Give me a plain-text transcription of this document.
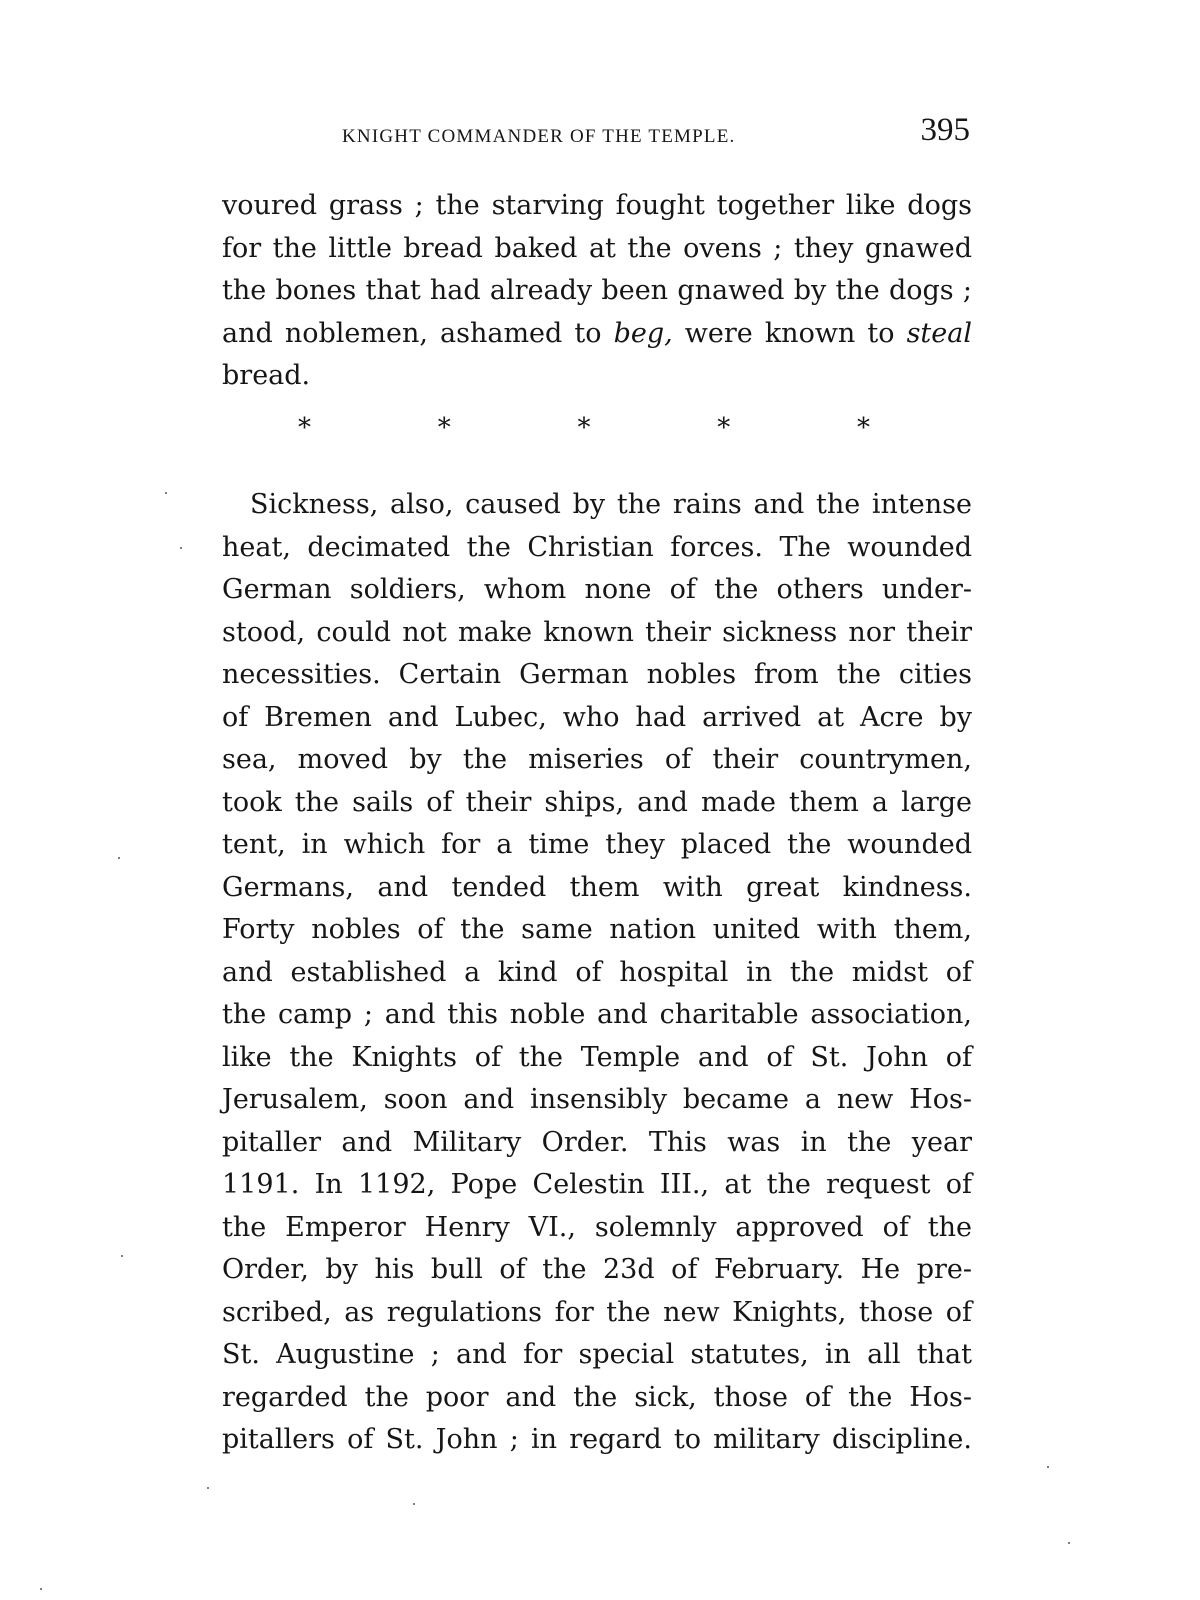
KNIGHT COMMANDER OF THE TEMPLE.	395
voured grass ; the starving fought together like dogs
for the little bread baked at the ovens ; they gnawed
the bones that had already been gnawed by the dogs ;
and noblemen, ashamed to beg, were known to steal
bread.
*	*	*	*	*
Sickness, also, caused by the rains and the intense
heat, decimated the Christian forces. The wounded
German soldiers, whom none of the others under-
stood, could not make known their sickness nor their
necessities. Certain German nobles from the cities
of Bremen and Lubec, who had arrived at Acre by
sea, moved by the miseries of their countrymen,
took the sails of their ships, and made them a large
tent, in which for a time they placed the wounded
Germans, and tended them with great kindness.
Forty nobles of the same nation united with them,
and established a kind of hospital in the midst of
the camp ; and this noble and charitable association,
like the Knights of the Temple and of St. John of
Jerusalem, soon and insensibly became a new Hos-
pitaller and Military Order. This was in the year
1191. In 1192, Pope Celestin III., at the request of
the Emperor Henry VI., solemnly approved of the
Order, by his bull of the 23d of February. He pre-
scribed, as regulations for the new Knights, those of
St. Augustine ; and for special statutes, in all that
regarded the poor and the sick, those of the Hos-
pitallers of St. John ; in regard to military discipline.
